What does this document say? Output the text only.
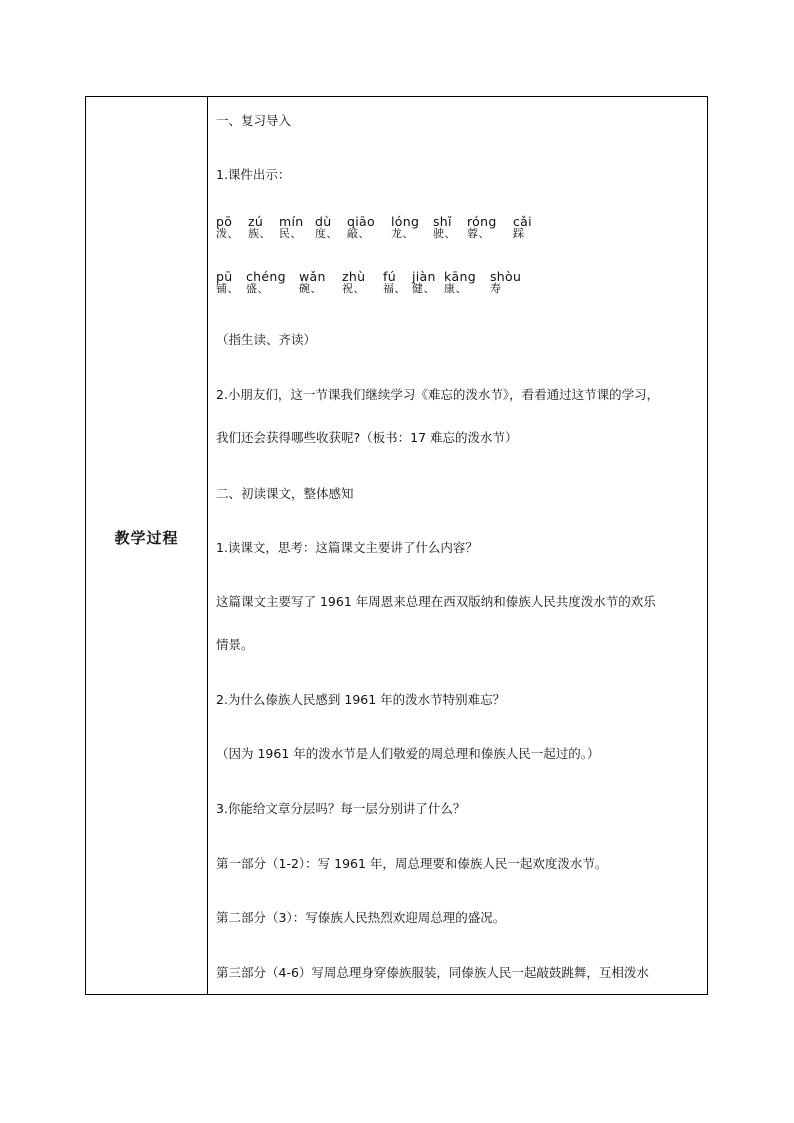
教学过程
一、复习导入
1.课件出示：
pō
泼、
zú
族、
mín
民、
dù
度、
qiāo
敲、
lóng
龙、
shǐ
驶、
róng
蓉、
cǎi
踩
pū
铺、
chéng
盛、
wǎn
碗、
zhù
祝、
fú
福、
jiàn
健、
kāng
康、
shòu
寿
（指生读、齐读）
2.小朋友们，这一节课我们继续学习《难忘的泼水节》，看看通过这节课的学习，
我们还会获得哪些收获呢?（板书：17 难忘的泼水节）
二、初读课文，整体感知
1.读课文，思考：这篇课文主要讲了什么内容？
这篇课文主要写了 1961 年周恩来总理在西双版纳和傣族人民共度泼水节的欢乐
情景。
2.为什么傣族人民感到 1961 年的泼水节特别难忘？
（因为 1961 年的泼水节是人们敬爱的周总理和傣族人民一起过的。）
3.你能给文章分层吗？每一层分别讲了什么？
第一部分（1-2）：写 1961 年，周总理要和傣族人民一起欢度泼水节。
第二部分（3）：写傣族人民热烈欢迎周总理的盛况。
第三部分（4-6）写周总理身穿傣族服装，同傣族人民一起敲鼓跳舞，互相泼水
